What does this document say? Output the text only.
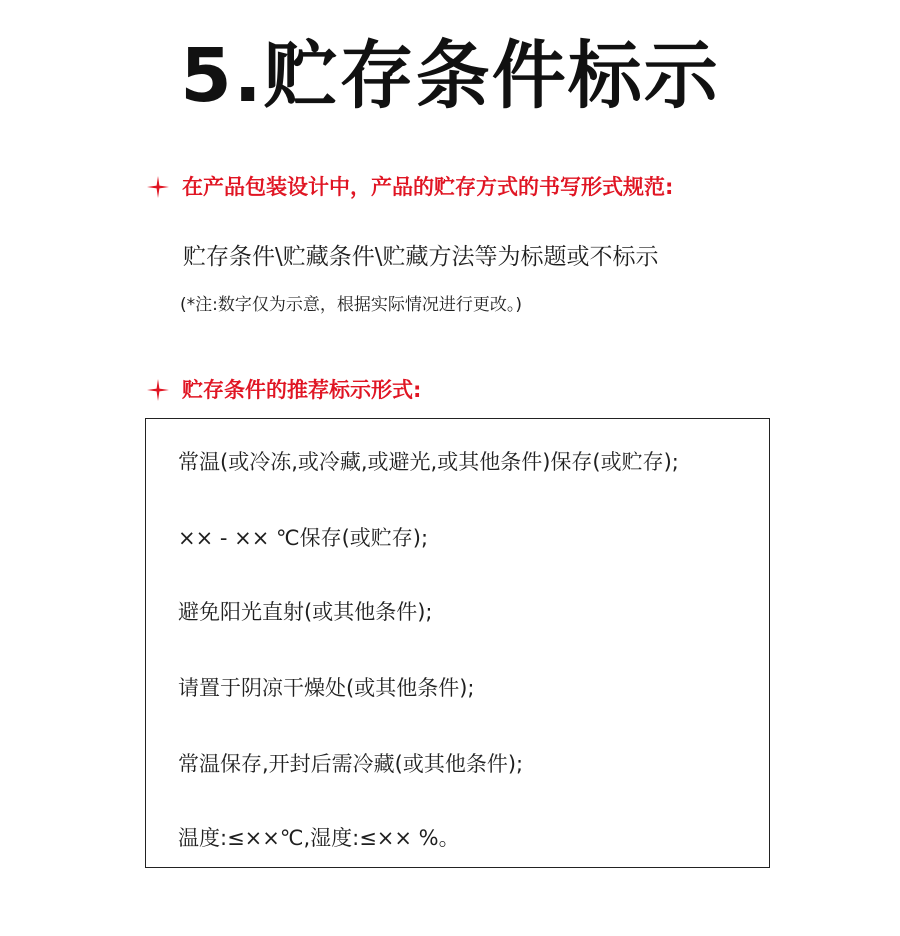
5.贮存条件标示
在产品包装设计中，产品的贮存方式的书写形式规范:
贮存条件\贮藏条件\贮藏方法等为标题或不标示
(*注:数字仅为示意，根据实际情况进行更改。)
贮存条件的推荐标示形式:
常温(或冷冻,或冷藏,或避光,或其他条件)保存(或贮存);
×× - ×× ℃保存(或贮存);
避免阳光直射(或其他条件);
请置于阴凉干燥处(或其他条件);
常温保存,开封后需冷藏(或其他条件);
温度:≤××℃,湿度:≤×× %。
